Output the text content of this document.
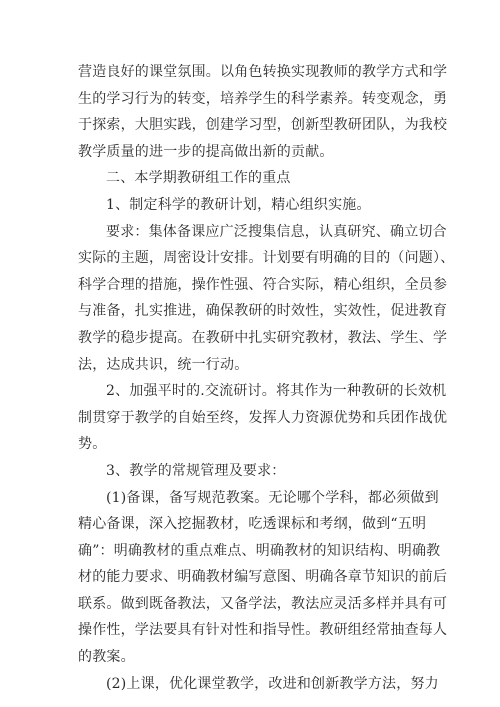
营造良好的课堂氛围。以角色转换实现教师的教学方式和学
生的学习行为的转变，培养学生的科学素养。转变观念，勇
于探索，大胆实践，创建学习型，创新型教研团队，为我校
教学质量的进一步的提高做出新的贡献。
二、本学期教研组工作的重点
1、制定科学的教研计划，精心组织实施。
要求：集体备课应广泛搜集信息，认真研究、确立切合
实际的主题，周密设计安排。计划要有明确的目的（问题）、
科学合理的措施，操作性强、符合实际，精心组织，全员参
与准备，扎实推进，确保教研的时效性，实效性，促进教育
教学的稳步提高。在教研中扎实研究教材，教法、学生、学
法，达成共识，统一行动。
2、加强平时的.交流研讨。将其作为一种教研的长效机
制贯穿于教学的自始至终，发挥人力资源优势和兵团作战优
势。
3、教学的常规管理及要求：
(1)备课，备写规范教案。无论哪个学科，都必须做到
精心备课，深入挖掘教材，吃透课标和考纲，做到“五明
确”：明确教材的重点难点、明确教材的知识结构、明确教
材的能力要求、明确教材编写意图、明确各章节知识的前后
联系。做到既备教法，又备学法，教法应灵活多样并具有可
操作性，学法要具有针对性和指导性。教研组经常抽查每人
的教案。
(2)上课，优化课堂教学，改进和创新教学方法，努力
